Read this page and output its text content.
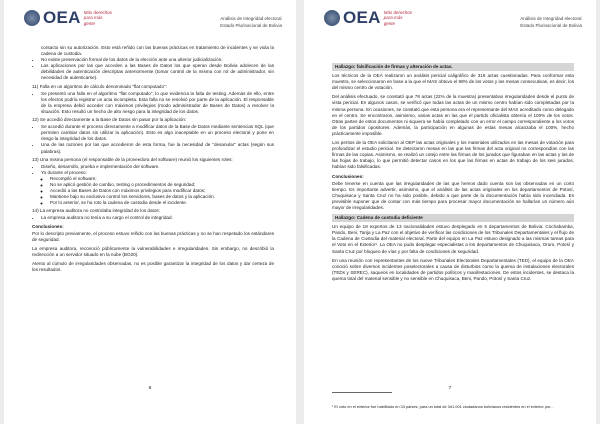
OEA Más derechos para más gente
Análisis de Integridad electoral
Estado Plurinacional de Bolivia
contacto sin su autorización. Esto está reñido con las buenas prácticas en tratamiento de incidentes y se viola la cadena de custodia.
• No existe preservación formal de los datos de la elección ante una ulterior judicialización.
• Las aplicaciones por las que acceden a las Bases de Datos los que operan desde Bolivia adolecen de las debilidades de autenticación descriptas anteriormente (tomar control de la misma con rol de administrador, sin necesidad de autenticarse).
11) Falla en un algoritmo de cálculo denominado "flat computado":
• Se presentó una falla en el algoritmo "flat computado", lo que evidencia la falta de testing. Además de ello, entre los efectos podría registrar un acta incompleta. Esta falla no se resolvió por parte de la aplicación. El responsable de la empresa debió acceder con máximos privilegios (modo administrador de Bases de Datos) a resolver la situación. Esto resultó un hecho de alto riesgo para la integridad de los datos.
12) Se accedió directamente a la Base de Datos sin pasar por la aplicación:
• Se accedió durante el proceso directamente a modificar datos de la Base de Datos mediante sentencias SQL (que permiten cambiar datos sin utilizar la aplicación). Esto es algo inaceptable en un proceso electoral y pone en riesgo la integridad de los datos.
• Una de las razones por las que accedieron de esta forma, fue la necesidad de "desanular" actas (según sus palabras).
13) Una misma persona (el responsable de la proveedora del software) reunió los siguientes roles:
• Diseño, desarrollo, prueba e implementación del software.
• Yo durante el proceso:
◦ Recompiló el software;
◦ No se aplicó gestión de cambio, testing o procedimientos de seguridad;
◦ Accedió a las Bases de Datos con máximos privilegios para modificar datos;
◦ Mantiene bajo su exclusivo control los servidores, bases de datos y la aplicación.
◦ Por lo anterior, se ha roto la cadena de custodia desde el incidente.
14) La empresa auditora no controlaba integridad de los datos:
• La empresa auditora no tenía a su cargo el control de integridad.
Conclusiones:

Por lo descripto previamente, el proceso estuvo reñido con las buenas prácticas y no se han respetado los estándares de seguridad.

La empresa auditora, reconoció públicamente la vulnerabilidades e irregularidades. Sin embargo, no describió la redirección a un servidor situado en la nube (BO20).

Atento al cúmulo de irregularidades observadas, no es posible garantizar la integridad de los datos y dar certeza de los resultados.

6
OEA Más derechos para más gente
Análisis de Integridad electoral
Estado Plurinacional de Bolivia
Hallazgo: falsificación de firmas y alteración de actas.

Los técnicos de la OEA realizaron un análisis pericial caligráfico de 318 actas cuestionadas. Para conformar esta muestra, se seleccionaron en base a la que el MAS obtuvo el 98% de los votos y las mesas consecutivas, es decir, los del mismo centro de votación.

Del análisis efectuado, se constató que 78 actas (22% de la muestra) presentaban irregularidades desde el punto de vista pericial. En algunos casos, se verificó que todas las actas de un mismo centro habían sido completadas por la misma persona. En ocasiones, se constató que esta persona era el representante del MAS acreditado como delegado en el centro. Se encontraron, asimismo, varias actas en las que el partido oficialista obtenía el 100% de los votos. Otras partes de estos documentos ni siquiera se había completado con un error el campo correspondiente a los votos de los partidos opositores. Además, la participación en algunas de estas mesas alcanzaba el 100%, hecho prácticamente imposible.

Los peritos de la OEA solicitaron al OEP las actas originales y los materiales utilizados en las mesas de votación para profundizar el estudio pericial. Se detectaron mesas en las que las firmas del acta original no correspondían con las firmas de las copias. Asimismo, se realizó un cotejo entre las firmas de los jurados que figuraban en las actas y las de las hojas de trabajo, lo que permitió detectar casos en los que las firmas en actas de trabajo de los seis jurados, habían sido falsificadas.

Conclusiones:

Debe tenerse en cuenta que las irregularidades de las que hemos dado cuenta son las observadas en un corto tiempo. Es importante advertir, asimismo, que el análisis de las actas originales en los departamentos de Potosí, Chuquisaca y Santa Cruz no ha sido posible, debido a que parte de la documentación había sido incendiada. Es previsible suponer que de contar con más tiempo para procesar mayor documentación se hallarían un número aún mayor de irregularidades.

Hallazgo: Cadena de custodia deficiente

Un equipo de 18 expertos de 13 nacionalidades estuvo desplegado en 5 departamentos de Bolivia: Cochabamba, Pando, Beni, Tarija y La Paz con el objetivo de verificar las condiciones de los Tribunales Departamentales y el flujo de la Cadena de Custodia del material electoral. Parte del equipo en La Paz estuvo designado a las mismas tareas para el Voto en el Exterior¹. La OEA no pudo desplegar especialistas a los departamentos de Chuquisaca, Oruro, Potosí y Santa Cruz por bloqueo de vías y por falta de condiciones de seguridad.

En una reunión con representantes de los nueve Tribunales Electorales Departamentales (TED), el equipo de la OEA conoció sobre diversos incidentes poselectorales a causa de disturbios como la quema de instalaciones electorales (TEDs y SEREC), saqueos en localidades de partidos políticos y manifestaciones. De estos incidentes, se destaca la quema total del material sensible y no sensible en Chuquisaca, Beni, Pando, Potosí y Santa Cruz.

¹ El voto en el exterior fue habilitado en 33 países, para un total de 341.001 ciudadanos bolivianos residentes en el exterior por...
7
